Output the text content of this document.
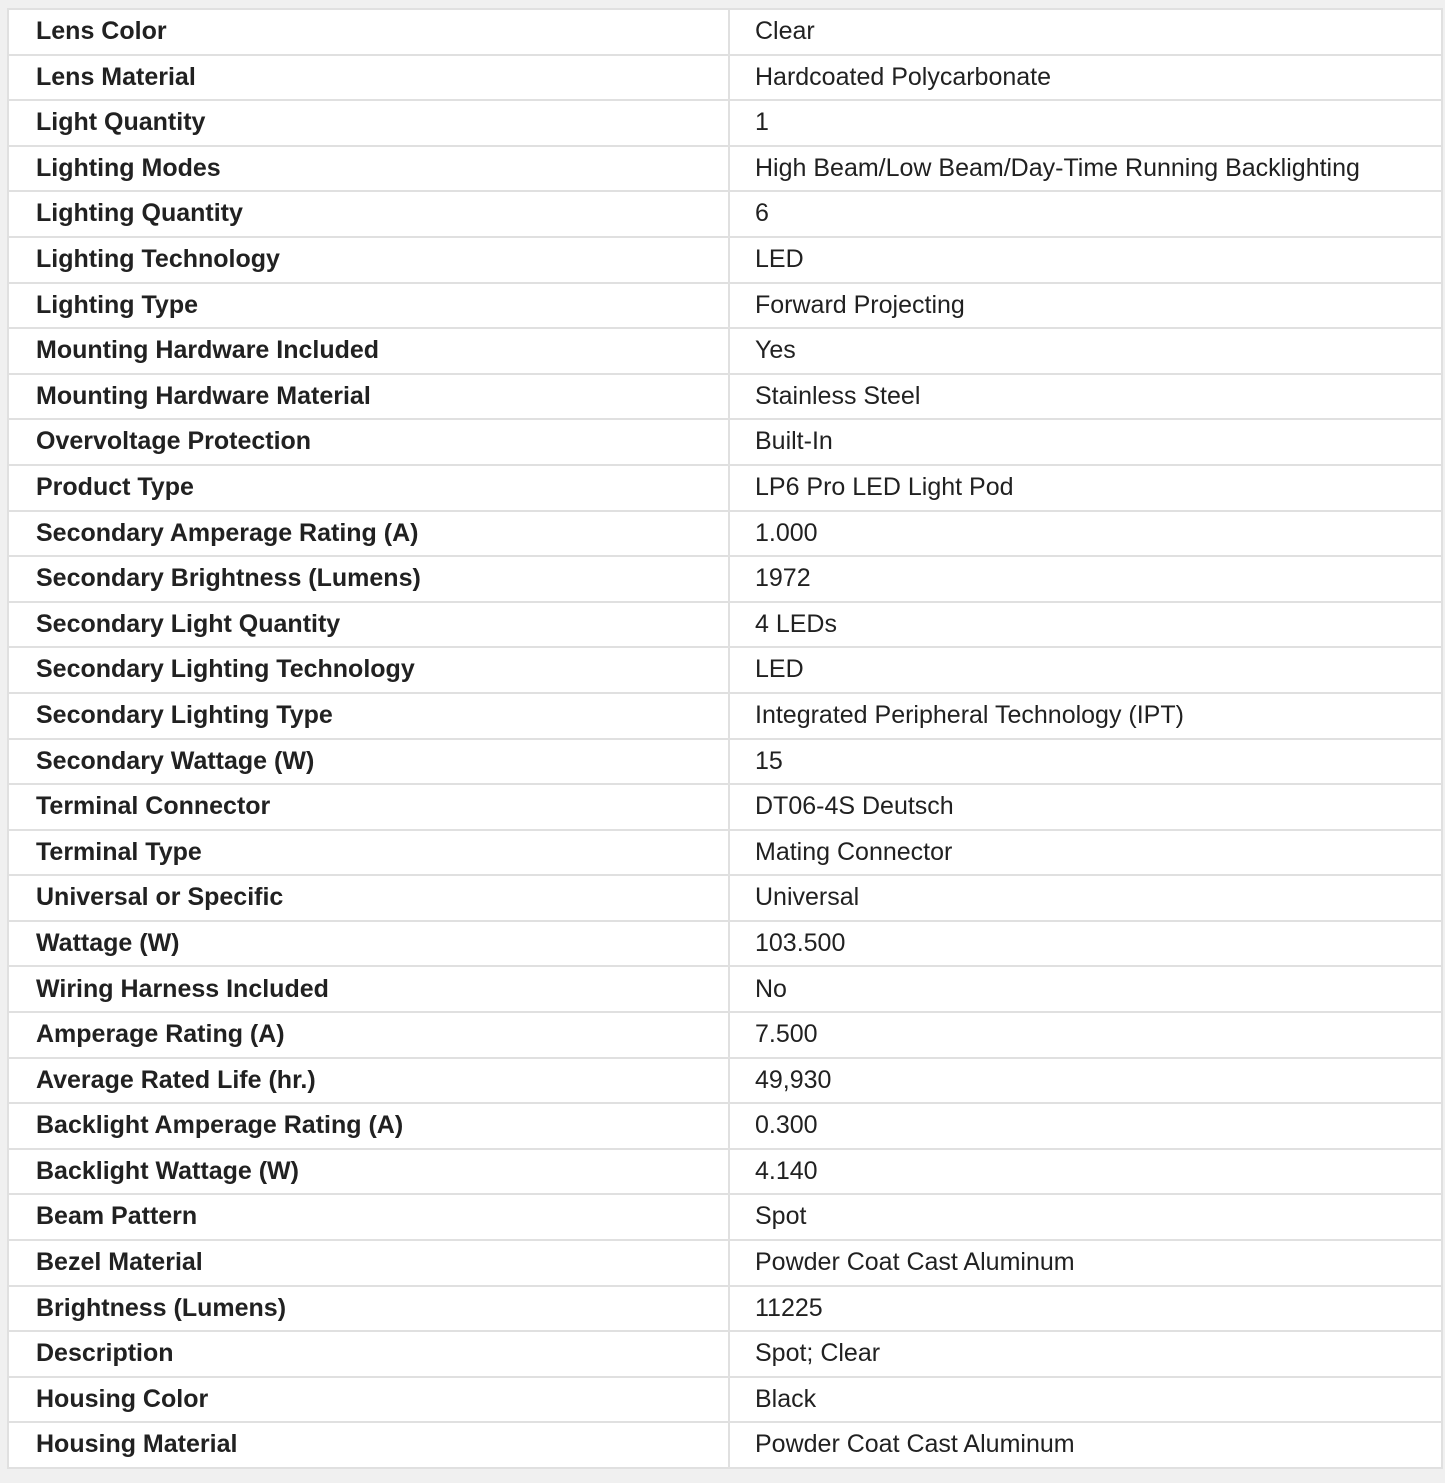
Lens Color	Clear
Lens Material	Hardcoated Polycarbonate
Light Quantity	1
Lighting Modes	High Beam/Low Beam/Day-Time Running Backlighting
Lighting Quantity	6
Lighting Technology	LED
Lighting Type	Forward Projecting
Mounting Hardware Included	Yes
Mounting Hardware Material	Stainless Steel
Overvoltage Protection	Built-In
Product Type	LP6 Pro LED Light Pod
Secondary Amperage Rating (A)	1.000
Secondary Brightness (Lumens)	1972
Secondary Light Quantity	4 LEDs
Secondary Lighting Technology	LED
Secondary Lighting Type	Integrated Peripheral Technology (IPT)
Secondary Wattage (W)	15
Terminal Connector	DT06-4S Deutsch
Terminal Type	Mating Connector
Universal or Specific	Universal
Wattage (W)	103.500
Wiring Harness Included	No
Amperage Rating (A)	7.500
Average Rated Life (hr.)	49,930
Backlight Amperage Rating (A)	0.300
Backlight Wattage (W)	4.140
Beam Pattern	Spot
Bezel Material	Powder Coat Cast Aluminum
Brightness (Lumens)	11225
Description	Spot; Clear
Housing Color	Black
Housing Material	Powder Coat Cast Aluminum
